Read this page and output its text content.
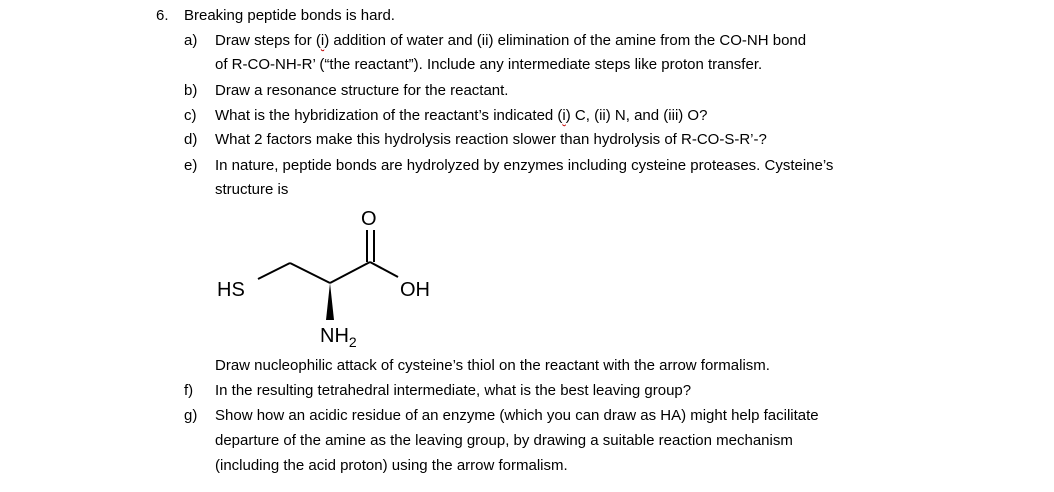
6. Breaking peptide bonds is hard.
a) Draw steps for (i) addition of water and (ii) elimination of the amine from the CO-NH bond
of R-CO-NH-R’ (“the reactant”). Include any intermediate steps like proton transfer.
b) Draw a resonance structure for the reactant.
c) What is the hybridization of the reactant’s indicated (i) C, (ii) N, and (iii) O?
d) What 2 factors make this hydrolysis reaction slower than hydrolysis of R-CO-S-R’-?
e) In nature, peptide bonds are hydrolyzed by enzymes including cysteine proteases. Cysteine’s
structure is
HS
O
OH
$NH_2$
Draw nucleophilic attack of cysteine’s thiol on the reactant with the arrow formalism.
f) In the resulting tetrahedral intermediate, what is the best leaving group?
g) Show how an acidic residue of an enzyme (which you can draw as HA) might help facilitate
departure of the amine as the leaving group, by drawing a suitable reaction mechanism
(including the acid proton) using the arrow formalism.
